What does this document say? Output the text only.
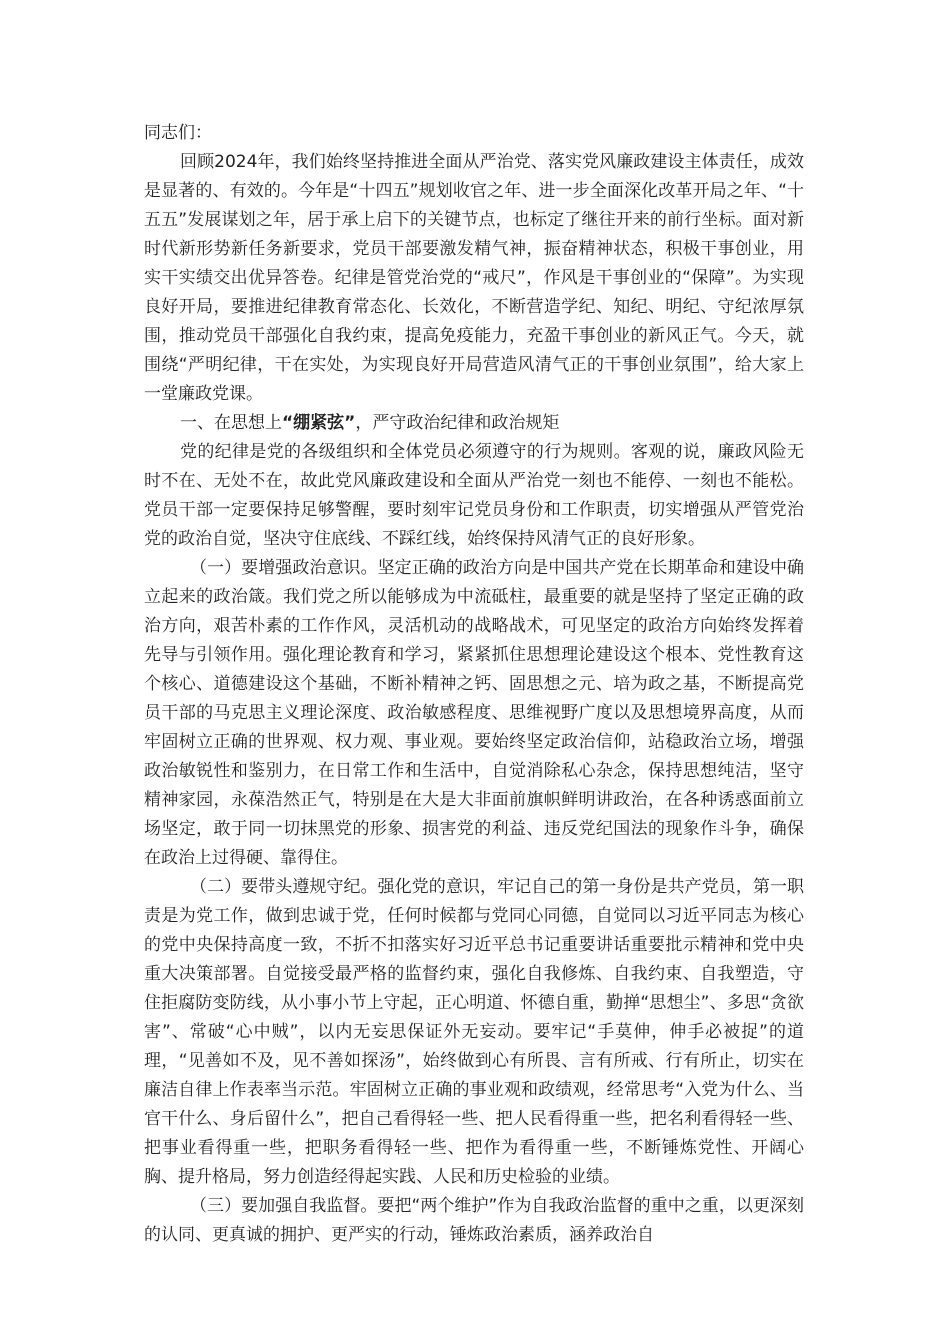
同志们：

回顾2024年，我们始终坚持推进全面从严治党、落实党风廉政建设主体责任，成效是显著的、有效的。今年是“十四五”规划收官之年、进一步全面深化改革开局之年、“十五五”发展谋划之年，居于承上启下的关键节点，也标定了继往开来的前行坐标。面对新时代新形势新任务新要求，党员干部要激发精气神，振奋精神状态，积极干事创业，用实干实绩交出优异答卷。纪律是管党治党的“戒尺”，作风是干事创业的“保障”。为实现良好开局，要推进纪律教育常态化、长效化，不断营造学纪、知纪、明纪、守纪浓厚氛围，推动党员干部强化自我约束，提高免疫能力，充盈干事创业的新风正气。今天，就围绕“严明纪律，干在实处，为实现良好开局营造风清气正的干事创业氛围”，给大家上一堂廉政党课。

一、在思想上“绷紧弦”，严守政治纪律和政治规矩

党的纪律是党的各级组织和全体党员必须遵守的行为规则。客观的说，廉政风险无时不在、无处不在，故此党风廉政建设和全面从严治党一刻也不能停、一刻也不能松。党员干部一定要保持足够警醒，要时刻牢记党员身份和工作职责，切实增强从严管党治党的政治自觉，坚决守住底线、不踩红线，始终保持风清气正的良好形象。

（一）要增强政治意识。坚定正确的政治方向是中国共产党在长期革命和建设中确立起来的政治箴。我们党之所以能够成为中流砥柱，最重要的就是坚持了坚定正确的政治方向，艰苦朴素的工作作风，灵活机动的战略战术，可见坚定的政治方向始终发挥着先导与引领作用。强化理论教育和学习，紧紧抓住思想理论建设这个根本、党性教育这个核心、道德建设这个基础，不断补精神之钙、固思想之元、培为政之基，不断提高党员干部的马克思主义理论深度、政治敏感程度、思维视野广度以及思想境界高度，从而牢固树立正确的世界观、权力观、事业观。要始终坚定政治信仰，站稳政治立场，增强政治敏锐性和鉴别力，在日常工作和生活中，自觉消除私心杂念，保持思想纯洁，坚守精神家园，永葆浩然正气，特别是在大是大非面前旗帜鲜明讲政治，在各种诱惑面前立场坚定，敢于同一切抹黑党的形象、损害党的利益、违反党纪国法的现象作斗争，确保在政治上过得硬、靠得住。

（二）要带头遵规守纪。强化党的意识，牢记自己的第一身份是共产党员，第一职责是为党工作，做到忠诚于党，任何时候都与党同心同德，自觉同以习近平同志为核心的党中央保持高度一致，不折不扣落实好习近平总书记重要讲话重要批示精神和党中央重大决策部署。自觉接受最严格的监督约束，强化自我修炼、自我约束、自我塑造，守住拒腐防变防线，从小事小节上守起，正心明道、怀德自重，勤掸“思想尘”、多思“贪欲害”、常破“心中贼”，以内无妄思保证外无妄动。要牢记“手莫伸，伸手必被捉”的道理，“见善如不及，见不善如探汤”，始终做到心有所畏、言有所戒、行有所止，切实在廉洁自律上作表率当示范。牢固树立正确的事业观和政绩观，经常思考“入党为什么、当官干什么、身后留什么”，把自己看得轻一些、把人民看得重一些，把名利看得轻一些、把事业看得重一些，把职务看得轻一些、把作为看得重一些，不断锤炼党性、开阔心胸、提升格局，努力创造经得起实践、人民和历史检验的业绩。

（三）要加强自我监督。要把“两个维护”作为自我政治监督的重中之重，以更深刻的认同、更真诚的拥护、更严实的行动，锤炼政治素质，涵养政治自
